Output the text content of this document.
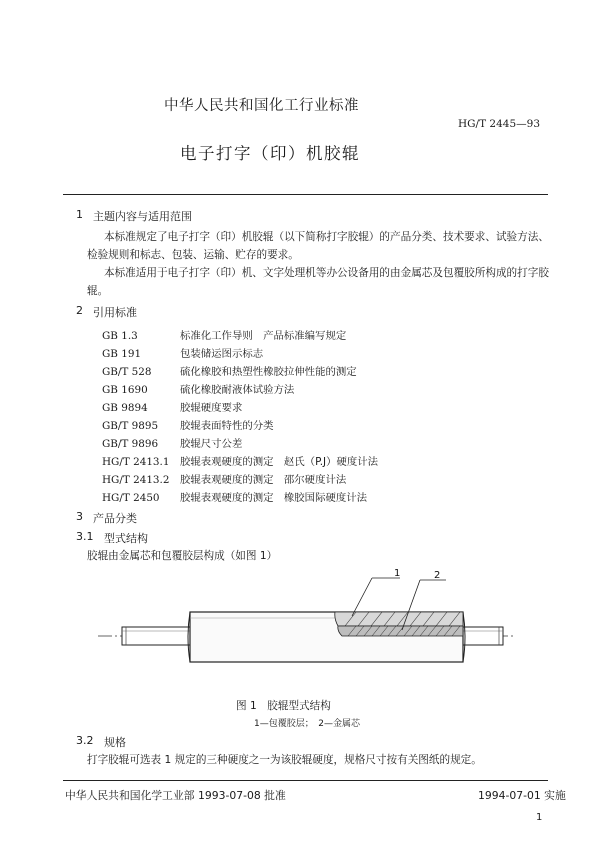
中华人民共和国化工行业标准
HG/T 2445—93
电子打字（印）机胶辊
1 主题内容与适用范围
本标准规定了电子打字（印）机胶辊（以下简称打字胶辊）的产品分类、技术要求、试验方法、
检验规则和标志、包装、运输、贮存的要求。
本标准适用于电子打字（印）机、文字处理机等办公设备用的由金属芯及包覆胶所构成的打字胶
辊。
2 引用标准
GB 1.3	标准化工作导则　产品标准编写规定
GB 191	包装储运图示标志
GB/T 528	硫化橡胶和热塑性橡胶拉伸性能的测定
GB 1690	硫化橡胶耐液体试验方法
GB 9894	胶辊硬度要求
GB/T 9895 胶辊表面特性的分类
GB/T 9896 胶辊尺寸公差
HG/T 2413.1 胶辊表观硬度的测定　赵氏（P.J）硬度计法
HG/T 2413.2 胶辊表观硬度的测定　邵尔硬度计法
HG/T 2450 胶辊表观硬度的测定　橡胶国际硬度计法
3 产品分类
3.1 型式结构
胶辊由金属芯和包覆胶层构成（如图 1）
1	2
图 1　胶辊型式结构
1—包覆胶层；　2—金属芯
3.2 规格
打字胶辊可选表 1 规定的三种硬度之一为该胶辊硬度，规格尺寸按有关图纸的规定。
中华人民共和国化学工业部 1993-07-08 批准	1994-07-01 实施
1
